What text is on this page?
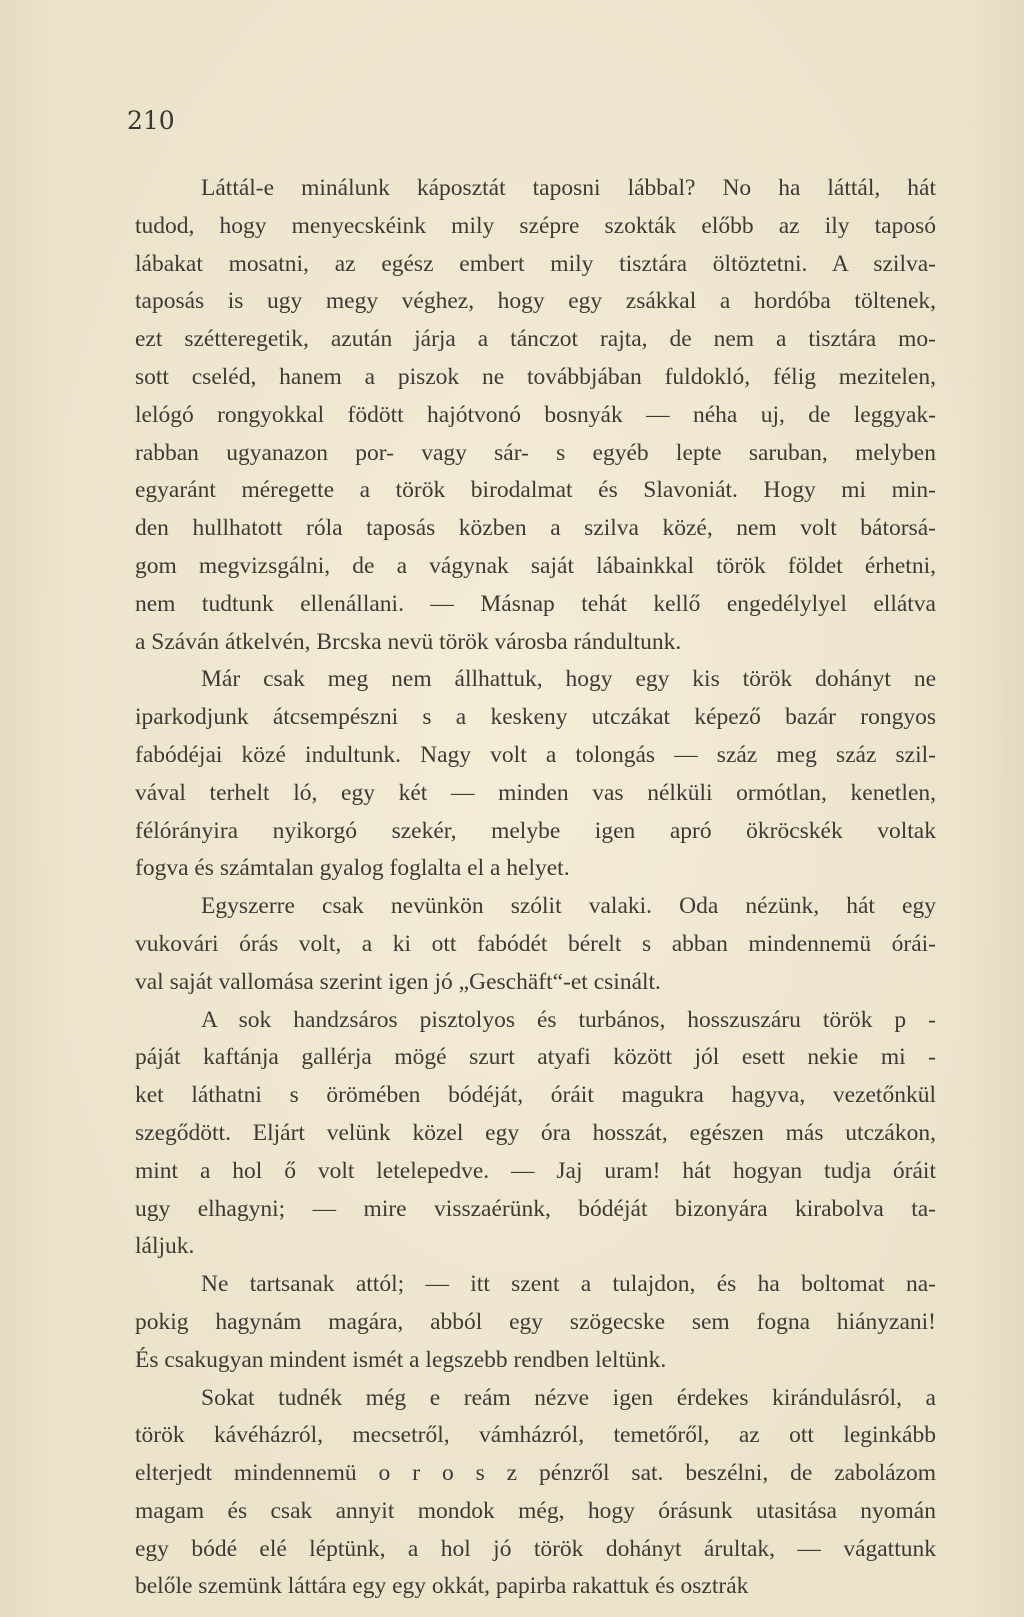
210
Láttál-e minálunk káposztát taposni lábbal? No ha láttál, hát
tudod, hogy menyecskéink mily szépre szokták előbb az ily taposó
lábakat mosatni, az egész embert mily tisztára öltöztetni. A szilva-
taposás is ugy megy véghez, hogy egy zsákkal a hordóba töltenek,
ezt szétteregetik, azután járja a tánczot rajta, de nem a tisztára mo-
sott cseléd, hanem a piszok ne továbbjában fuldokló, félig mezitelen,
lelógó rongyokkal födött hajótvonó bosnyák — néha uj, de leggyak-
rabban ugyanazon por- vagy sár- s egyéb lepte saruban, melyben
egyaránt méregette a török birodalmat és Slavoniát. Hogy mi min-
den hullhatott róla taposás közben a szilva közé, nem volt bátorsá-
gom megvizsgálni, de a vágynak saját lábainkkal török földet érhetni,
nem tudtunk ellenállani. — Másnap tehát kellő engedélylyel ellátva
a Száván átkelvén, Brcska nevü török városba rándultunk.
Már csak meg nem állhattuk, hogy egy kis török dohányt ne
iparkodjunk átcsempészni s a keskeny utczákat képező bazár rongyos
fabódéjai közé indultunk. Nagy volt a tolongás — száz meg száz szil-
vával terhelt ló, egy két — minden vas nélküli ormótlan, kenetlen,
félórányira nyikorgó szekér, melybe igen apró ökröcskék voltak
fogva és számtalan gyalog foglalta el a helyet.
Egyszerre csak nevünkön szólit valaki. Oda nézünk, hát egy
vukovári órás volt, a ki ott fabódét bérelt s abban mindennemü órái-
val saját vallomása szerint igen jó „Geschäft“-et csinált.
A sok handzsáros pisztolyos és turbános, hosszuszáru török p -
páját kaftánja gallérja mögé szurt atyafi között jól esett nekie mi -
ket láthatni s örömében bódéját, óráit magukra hagyva, vezetőnkül
szegődött. Eljárt velünk közel egy óra hosszát, egészen más utczákon,
mint a hol ő volt letelepedve. — Jaj uram! hát hogyan tudja óráit
ugy elhagyni; — mire visszaérünk, bódéját bizonyára kirabolva ta-
láljuk.
Ne tartsanak attól; — itt szent a tulajdon, és ha boltomat na-
pokig hagynám magára, abból egy szögecske sem fogna hiányzani!
És csakugyan mindent ismét a legszebb rendben leltünk.
Sokat tudnék még e reám nézve igen érdekes kirándulásról, a
török kávéházról, mecsetről, vámházról, temetőről, az ott leginkább
elterjedt mindennemü o r o s z pénzről sat. beszélni, de zabolázom
magam és csak annyit mondok még, hogy órásunk utasitása nyomán
egy bódé elé léptünk, a hol jó török dohányt árultak, — vágattunk
belőle szemünk láttára egy egy okkát, papirba rakattuk és osztrák
